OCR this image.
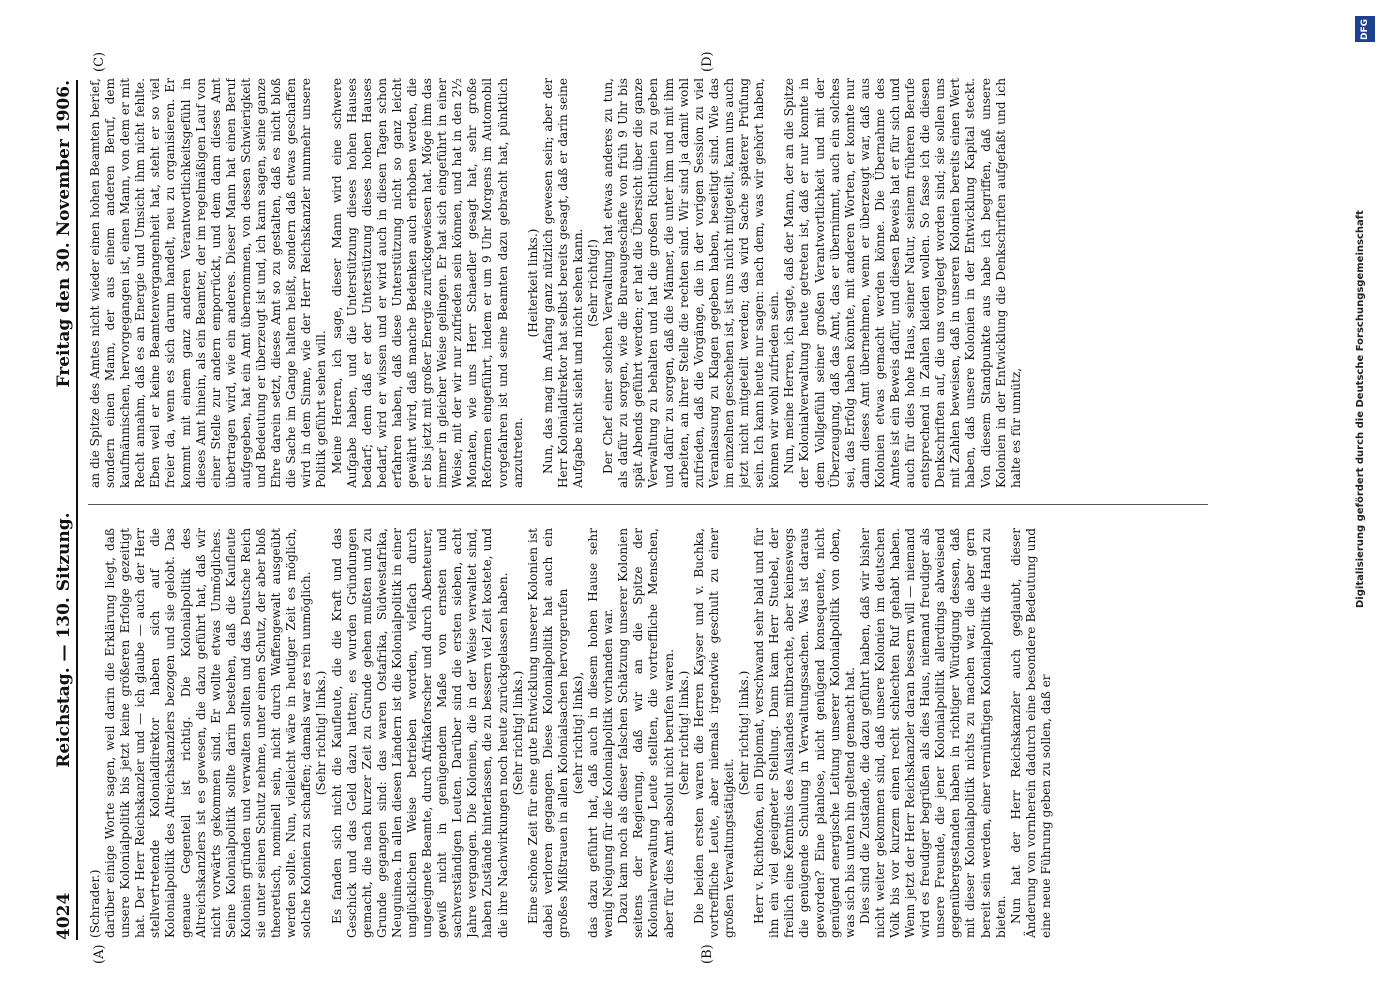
4024
Reichstag. — 130. Sitzung.
Freitag den 30. November 1906.
(A)	(B)
(C)	(D)

(Schrader.) darüber einige Worte sagen, weil darin die Erklärung liegt, daß unsere Kolonialpolitik bis jetzt keine größeren Erfolge gezeitigt hat. Der Herr Reichskanzler und — ich glaube — auch der Herr stellvertretende Kolonialdirektor haben sich auf die Kolonialpolitik des Altreichskanzlers bezogen und sie gelobt. Das genaue Gegenteil ist richtig. Die Kolonialpolitik des Altreichskanzlers ist es gewesen, die dazu geführt hat, daß wir nicht vorwärts gekommen sind. Er wollte etwas Unmögliches. Seine Kolonialpolitik sollte darin bestehen, daß die Kaufleute Kolonien gründen und verwalten sollten und das Deutsche Reich sie unter seinen Schutz nehme, unter einen Schutz, der aber bloß theoretisch, nominell sein, nicht durch Waffengewalt ausgeübt werden sollte. Nun, vielleicht wäre in heutiger Zeit es möglich, solche Kolonien zu schaffen; damals war es rein unmöglich. (Sehr richtig! links.) Es fanden sich nicht die Kaufleute, die die Kraft und das Geschick und das Geld dazu hatten; es wurden Gründungen gemacht, die nach kurzer Zeit zu Grunde gehen mußten und zu Grunde gegangen sind: das waren Ostafrika, Südwestafrika, Neuguinea. In allen diesen Ländern ist die Kolonialpolitik in einer unglücklichen Weise betrieben worden, vielfach durch ungeeignete Beamte, durch Afrikaforscher und durch Abenteurer, gewiß nicht in genügendem Maße von ernsten und sachverständigen Leuten. Darüber sind die ersten sieben, acht Jahre vergangen. Die Kolonien, die in der Weise verwaltet sind, haben Zustände hinterlassen, die zu bessern viel Zeit kostete, und die ihre Nachwirkungen noch heute zurückgelassen haben. (Sehr richtig! links.) Eine schöne Zeit für eine gute Entwicklung unserer Kolonien ist dabei verloren gegangen. Diese Kolonialpolitik hat auch ein großes Mißtrauen in allen Kolonialsachen hervorgerufen (sehr richtig! links), das dazu geführt hat, daß auch in diesem hohen Hause sehr wenig Neigung für die Kolonialpolitik vorhanden war. Dazu kam noch als dieser falschen Schätzung unserer Kolonien seitens der Regierung, daß wir an die Spitze der Kolonialverwaltung Leute stellten, die vortreffliche Menschen, aber für dies Amt absolut nicht berufen waren. (Sehr richtig! links.) Die beiden ersten waren die Herren Kayser und v. Buchka, vortreffliche Leute, aber niemals irgendwie geschult zu einer großen Verwaltungstätigkeit.

(Sehr richtig! links.) Herr v. Richthofen, ein Diplomat, verschwand sehr bald und für ihn ein viel geeigneter Stellung. Dann kam Herr Stuebel, der freilich eine Kenntnis des Auslandes mitbrachte, aber keineswegs die genügende Schulung in Verwaltungssachen. Was ist daraus geworden? Eine planlose, nicht genügend konsequente, nicht genügend energische Leitung unserer Kolonialpolitik von oben, was sich bis unten hin geltend gemacht hat. Dies sind die Zustände, die dazu geführt haben, daß wir bisher nicht weiter gekommen sind, daß unsere Kolonien im deutschen Volk bis vor kurzem einen recht schlechten Ruf gehabt haben. Wenn jetzt der Herr Reichskanzler daran bessern will — niemand wird es freudiger begrüßen als dies Haus, niemand freudiger als unsere Freunde, die jener Kolonialpolitik allerdings abweisend gegenübergestanden haben in richtiger Würdigung dessen, daß mit dieser Kolonialpolitik nichts zu machen war, die aber gern bereit sein werden, einer vernünftigen Kolonialpolitik die Hand zu bieten. Nun hat der Herr Reichskanzler auch geglaubt, dieser Änderung von vornherein dadurch eine besondere Bedeutung und eine neue Führung geben zu sollen, daß er

an die Spitze des Amtes nicht wieder einen hohen Beamten berief, sondern einen Mann, der aus einem anderen Beruf, dem kaufmännischen, hervorgegangen ist, einen Mann, von dem er mit Recht annahm, daß es an Energie und Umsicht ihm nicht fehlte. Eben weil er keine Beamtenvergangenheit hat, steht er so viel freier da, wenn es sich darum handelt, neu zu organisieren. Er kommt mit einem ganz anderen Verantwortlichkeitsgefühl in dieses Amt hinein, als ein Beamter, der im regelmäßigen Lauf von einer Stelle zur andern emporrückt, und dem dann dieses Amt übertragen wird, wie ein anderes. Dieser Mann hat einen Beruf aufgegeben, hat ein Amt übernommen, von dessen Schwierigkeit und Bedeutung er überzeugt ist und, ich kann sagen, seine ganze Ehre darein setzt, dieses Amt so zu gestalten, daß es nicht bloß die Sache im Gange halten heißt, sondern daß etwas geschaffen wird in dem Sinne, wie der Herr Reichskanzler nunmehr unsere Politik geführt sehen will. Meine Herren, ich sage, dieser Mann wird eine schwere Aufgabe haben, und die Unterstützung dieses hohen Hauses bedarf; denn daß er der Unterstützung dieses hohen Hauses bedarf, wird er wissen und er wird auch in diesen Tagen schon erfahren haben, daß diese Unterstützung nicht so ganz leicht gewährt wird, daß manche Bedenken auch erhoben werden, die er bis jetzt mit großer Energie zurückgewiesen hat. Möge ihm das immer in gleicher Weise gelingen. Er hat sich eingeführt in einer Weise, mit der wir nur zufrieden sein können, und hat in den 2½ Monaten, wie uns Herr Schaedler gesagt hat, sehr große Reformen eingeführt, indem er um 9 Uhr Morgens im Automobil vorgefahren ist und seine Beamten dazu gebracht hat, pünktlich anzutreten.

(Heiterkeit links.) Nun, das mag im Anfang ganz nützlich gewesen sein; aber der Herr Kolonialdirektor hat selbst bereits gesagt, daß er darin seine Aufgabe nicht sieht und nicht sehen kann. (Sehr richtig!) Der Chef einer solchen Verwaltung hat etwas anderes zu tun, als dafür zu sorgen, wie die Bureaugeschäfte von früh 9 Uhr bis spät Abends geführt werden; er hat die Übersicht über die ganze Verwaltung zu behalten und hat die großen Richtlinien zu geben und dafür zu sorgen, daß die Männer, die unter ihm und mit ihm arbeiten, an ihrer Stelle die rechten sind. Wir sind ja damit wohl zufrieden, daß die Vorgänge, die in der vorigen Session zu viel Veranlassung zu Klagen gegeben haben, beseitigt sind. Wie das im einzelnen geschehen ist, ist uns nicht mitgeteilt, kann uns auch jetzt nicht mitgeteilt werden; das wird Sache späterer Prüfung sein. Ich kann heute nur sagen: nach dem, was wir gehört haben, können wir wohl zufrieden sein. Nun, meine Herren, ich sagte, daß der Mann, der an die Spitze der Kolonialverwaltung heute getreten ist, daß er nur konnte in dem Vollgefühl seiner großen Verantwortlichkeit und mit der Überzeugung, daß das Amt, das er übernimmt, auch ein solches sei, das Erfolg haben könnte, mit anderen Worten, er konnte nur dann dieses Amt übernehmen, wenn er überzeugt war, daß aus Kolonien etwas gemacht werden könne. Die Übernahme des Amtes ist ein Beweis dafür, und diesen Beweis hat er für sich und auch für dies hohe Haus, seiner Natur, seinem früheren Berufe entsprechend in Zahlen kleiden wollen. So fasse ich die diesen Denkschriften auf, die uns vorgelegt worden sind; sie sollen uns mit Zahlen beweisen, daß in unseren Kolonien bereits einen Wert haben, daß unsere Kolonien in der Entwicklung Kapital steckt. Von diesem Standpunkte aus habe ich begriffen, daß unsere Kolonien in der Entwicklung die Denkschriften aufgefaßt und ich halte es für unnütz,

DFG
Digitalisierung gefördert durch die Deutsche Forschungsgemeinschaft
